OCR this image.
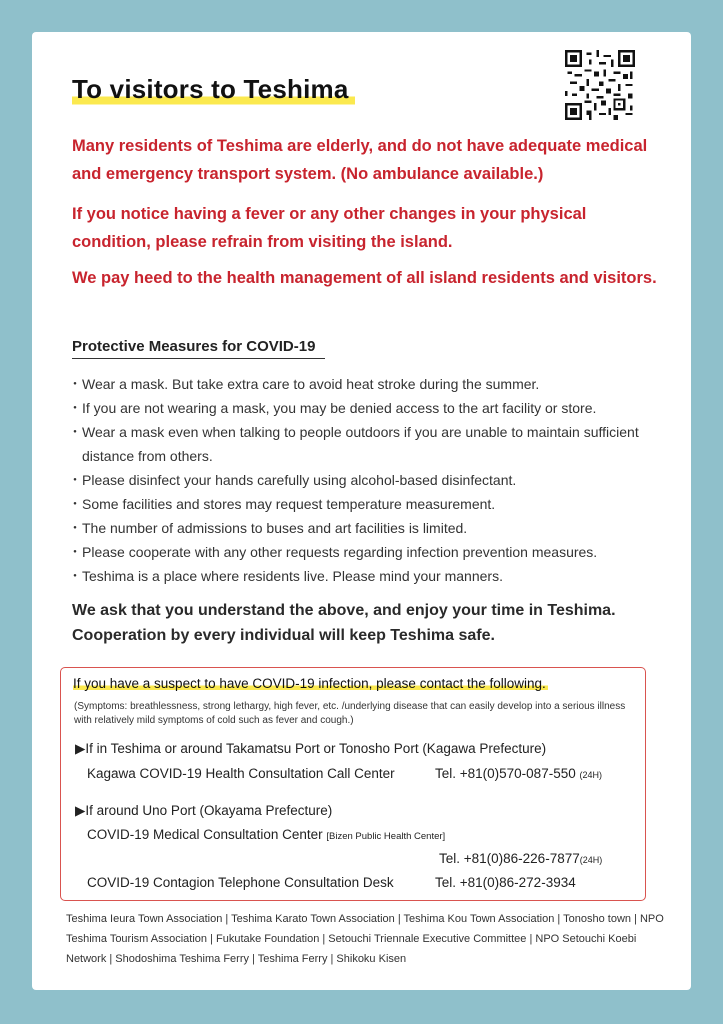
To visitors to Teshima

Many residents of Teshima are elderly, and do not have adequate medical and emergency transport system. (No ambulance available.)

If you notice having a fever or any other changes in your physical condition, please refrain from visiting the island.

We pay heed to the health management of all island residents and visitors.

Protective Measures for COVID-19
・ Wear a mask. But take extra care to avoid heat stroke during the summer.
・ If you are not wearing a mask, you may be denied access to the art facility or store.
・ Wear a mask even when talking to people outdoors if you are unable to maintain sufficient distance from others.
・ Please disinfect your hands carefully using alcohol-based disinfectant.
・ Some facilities and stores may request temperature measurement.
・ The number of admissions to buses and art facilities is limited.
・ Please cooperate with any other requests regarding infection prevention measures.
・ Teshima is a place where residents live. Please mind your manners.

We ask that you understand the above, and enjoy your time in Teshima. Cooperation by every individual will keep Teshima safe.

If you have a suspect to have COVID-19 infection, please contact the following.

(Symptoms: breathlessness, strong lethargy, high fever, etc. /underlying disease that can easily develop into a serious illness with relatively mild symptoms of cold such as fever and cough.)

▶If in Teshima or around Takamatsu Port or Tonosho Port (Kagawa Prefecture)
Kagawa COVID-19 Health Consultation Call Center	Tel. +81(0)570-087-550 (24H)
▶If around Uno Port (Okayama Prefecture)
COVID-19 Medical Consultation Center [Bizen Public Health Center]
Tel. +81(0)86-226-7877(24H)
COVID-19 Contagion Telephone Consultation Desk	Tel. +81(0)86-272-3934

Teshima Ieura Town Association | Teshima Karato Town Association | Teshima Kou Town Association | Tonosho town | NPO Teshima Tourism Association | Fukutake Foundation | Setouchi Triennale Executive Committee | NPO Setouchi Koebi Network | Shodoshima Teshima Ferry | Teshima Ferry | Shikoku Kisen
